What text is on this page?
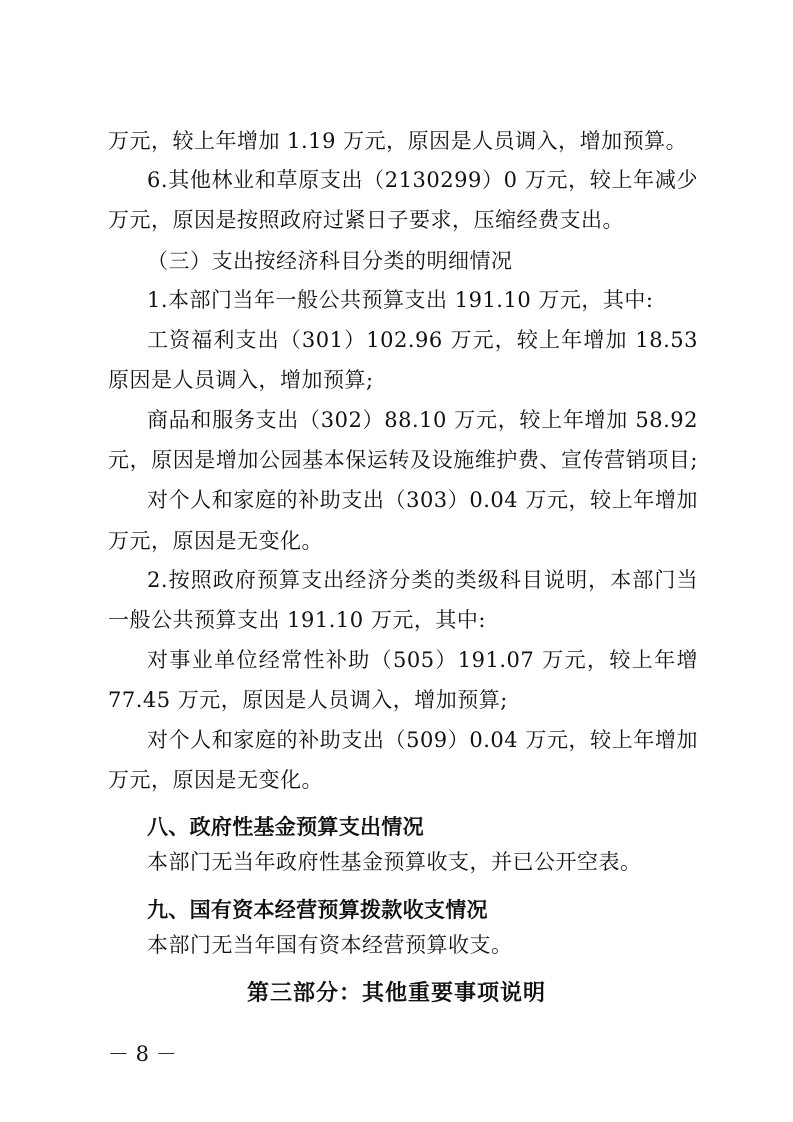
万元，较上年增加 1.19 万元，原因是人员调入，增加预算。
6.其他林业和草原支出（2130299）0 万元，较上年减少
万元，原因是按照政府过紧日子要求，压缩经费支出。
（三）支出按经济科目分类的明细情况
1.本部门当年一般公共预算支出 191.10 万元，其中:
工资福利支出（301）102.96 万元，较上年增加 18.53
原因是人员调入，增加预算;
商品和服务支出（302）88.10 万元，较上年增加 58.92
元，原因是增加公园基本保运转及设施维护费、宣传营销项目;
对个人和家庭的补助支出（303）0.04 万元，较上年增加
万元，原因是无变化。
2.按照政府预算支出经济分类的类级科目说明，本部门当
一般公共预算支出 191.10 万元，其中:
对事业单位经常性补助（505）191.07 万元，较上年增
77.45 万元，原因是人员调入，增加预算;
对个人和家庭的补助支出（509）0.04 万元，较上年增加
万元，原因是无变化。
八、政府性基金预算支出情况
本部门无当年政府性基金预算收支，并已公开空表。
九、国有资本经营预算拨款收支情况
本部门无当年国有资本经营预算收支。
第三部分：其他重要事项说明
－ 8 －
